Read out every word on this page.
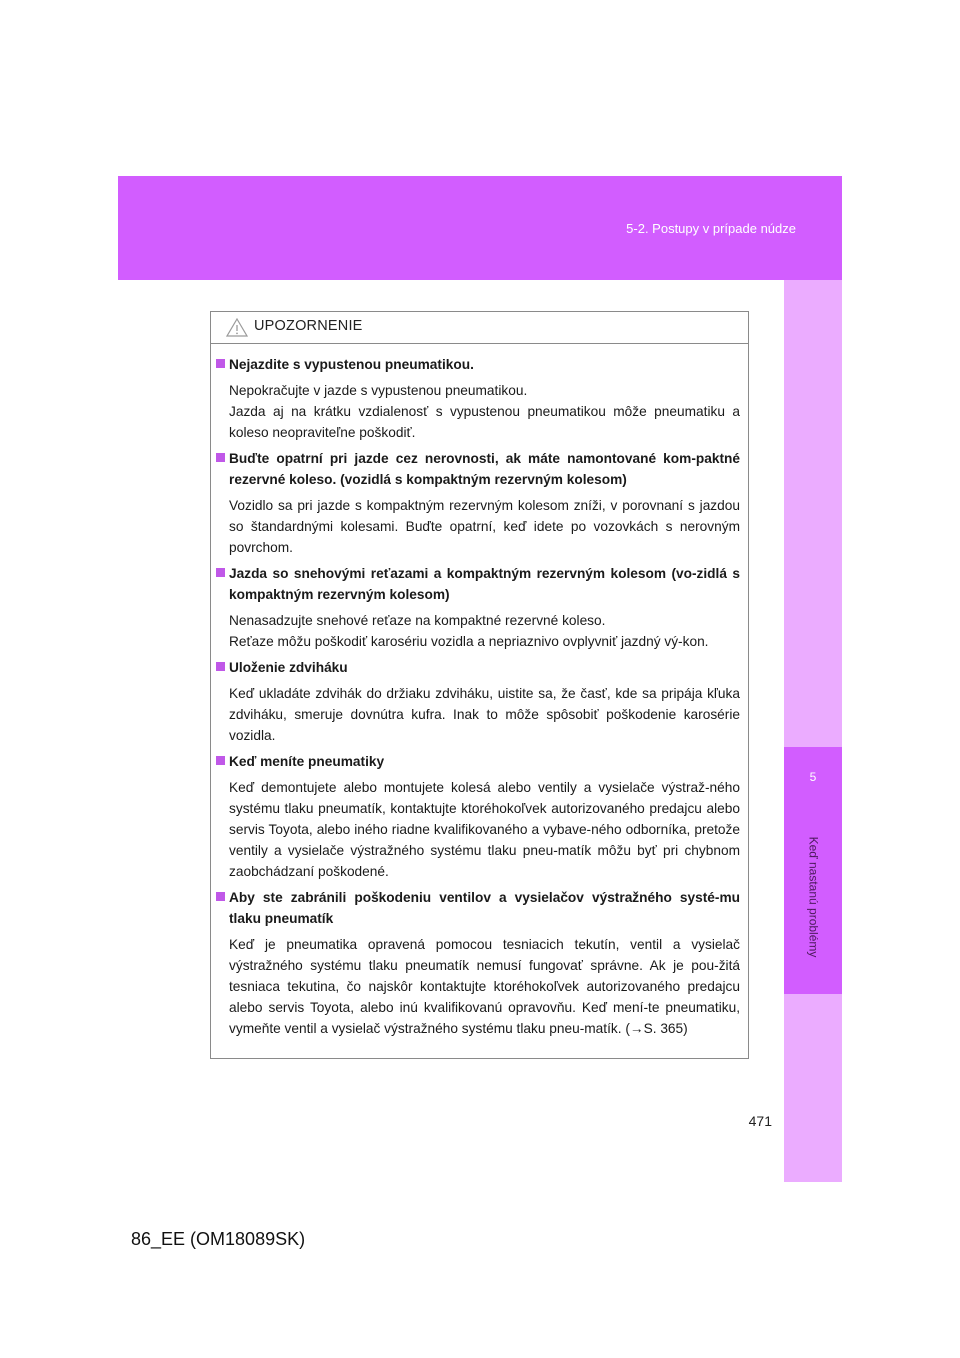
5-2. Postupy v prípade núdze
5
Keď nastanú problémy
UPOZORNENIE
Nejazdite s vypustenou pneumatikou.

Nepokračujte v jazde s vypustenou pneumatikou.

Jazda aj na krátku vzdialenosť s vypustenou pneumatikou môže pneumatiku a koleso neopraviteľne poškodiť.

Buďte opatrní pri jazde cez nerovnosti, ak máte namontované kom-paktné rezervné koleso. (vozidlá s kompaktným rezervným kolesom)

Vozidlo sa pri jazde s kompaktným rezervným kolesom zníži, v porovnaní s jazdou so štandardnými kolesami. Buďte opatrní, keď idete po vozovkách s nerovným povrchom.

Jazda so snehovými reťazami a kompaktným rezervným kolesom (vo-zidlá s kompaktným rezervným kolesom)

Nenasadzujte snehové reťaze na kompaktné rezervné koleso.

Reťaze môžu poškodiť karosériu vozidla a nepriaznivo ovplyvniť jazdný vý-kon.

Uloženie zdviháku

Keď ukladáte zdvihák do držiaku zdviháku, uistite sa, že časť, kde sa pripája kľuka zdviháku, smeruje dovnútra kufra. Inak to môže spôsobiť poškodenie karosérie vozidla.

Keď meníte pneumatiky

Keď demontujete alebo montujete kolesá alebo ventily a vysielače výstraž-ného systému tlaku pneumatík, kontaktujte ktoréhokoľvek autorizovaného predajcu alebo servis Toyota, alebo iného riadne kvalifikovaného a vybave-ného odborníka, pretože ventily a vysielače výstražného systému tlaku pneu-matík môžu byť pri chybnom zaobchádzaní poškodené.

Aby ste zabránili poškodeniu ventilov a vysielačov výstražného systé-mu tlaku pneumatík

Keď je pneumatika opravená pomocou tesniacich tekutín, ventil a vysielač výstražného systému tlaku pneumatík nemusí fungovať správne. Ak je pou-žitá tesniaca tekutina, čo najskôr kontaktujte ktoréhokoľvek autorizovaného predajcu alebo servis Toyota, alebo inú kvalifikovanú opravovňu. Keď mení-te pneumatiku, vymeňte ventil a vysielač výstražného systému tlaku pneu-matík. (→S. 365)

471
86_EE (OM18089SK)
